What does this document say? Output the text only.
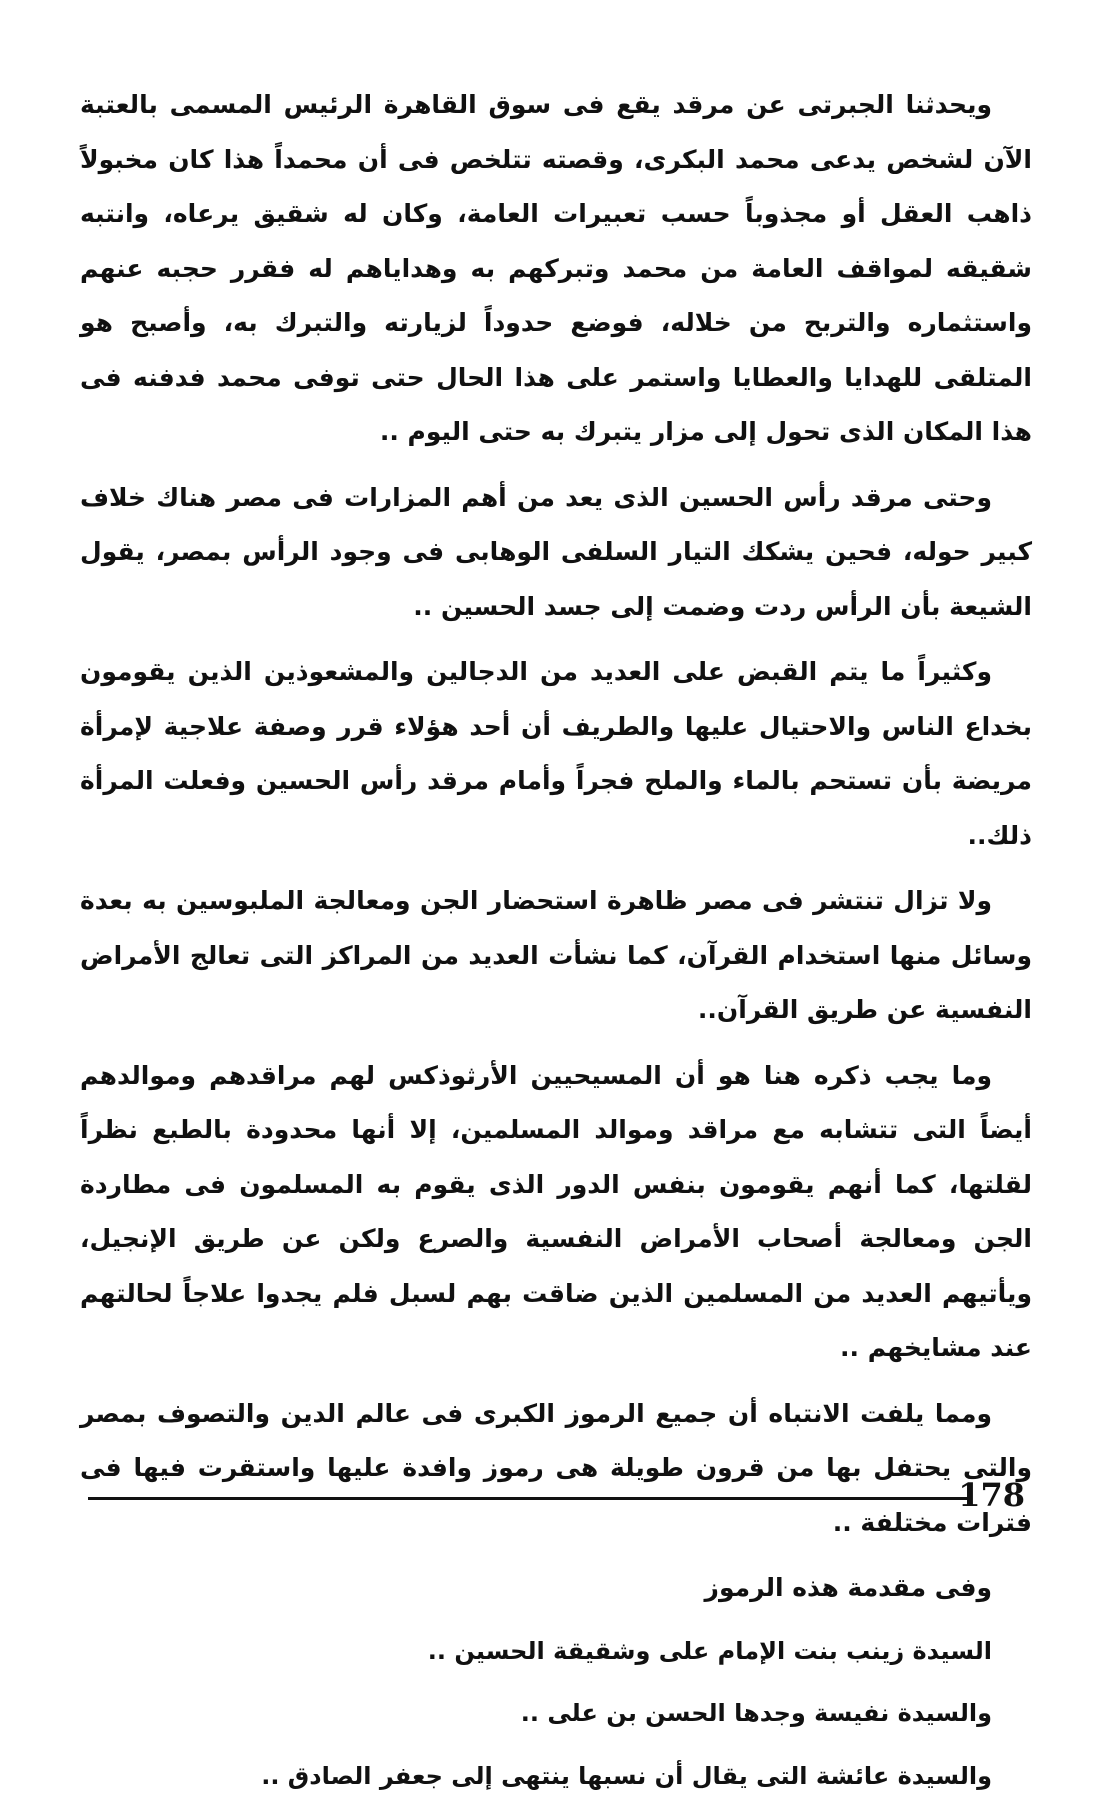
ويحدثنا الجبرتى عن مرقد يقع فى سوق القاهرة الرئيس المسمى بالعتبة الآن لشخص يدعى محمد البكرى، وقصته تتلخص فى أن محمداً هذا كان مخبولاً ذاهب العقل أو مجذوباً حسب تعبيرات العامة، وكان له شقيق يرعاه، وانتبه شقيقه لمواقف العامة من محمد وتبركهم به وهداياهم له فقرر حجبه عنهم واستثماره والتربح من خلاله، فوضع حدوداً لزيارته والتبرك به، وأصبح هو المتلقى للهدايا والعطايا واستمر على هذا الحال حتى توفى محمد فدفنه فى هذا المكان الذى تحول إلى مزار يتبرك به حتى اليوم ..

وحتى مرقد رأس الحسين الذى يعد من أهم المزارات فى مصر هناك خلاف كبير حوله، فحين يشكك التيار السلفى الوهابى فى وجود الرأس بمصر، يقول الشيعة بأن الرأس ردت وضمت إلى جسد الحسين ..

وكثيراً ما يتم القبض على العديد من الدجالين والمشعوذين الذين يقومون بخداع الناس والاحتيال عليها والطريف أن أحد هؤلاء قرر وصفة علاجية لإمرأة مريضة بأن تستحم بالماء والملح فجراً وأمام مرقد رأس الحسين وفعلت المرأة ذلك..

ولا تزال تنتشر فى مصر ظاهرة استحضار الجن ومعالجة الملبوسين به بعدة وسائل منها استخدام القرآن، كما نشأت العديد من المراكز التى تعالج الأمراض النفسية عن طريق القرآن..

وما يجب ذكره هنا هو أن المسيحيين الأرثوذكس لهم مراقدهم وموالدهم أيضاً التى تتشابه مع مراقد وموالد المسلمين، إلا أنها محدودة بالطبع نظراً لقلتها، كما أنهم يقومون بنفس الدور الذى يقوم به المسلمون فى مطاردة الجن ومعالجة أصحاب الأمراض النفسية والصرع ولكن عن طريق الإنجيل، ويأتيهم العديد من المسلمين الذين ضاقت بهم لسبل فلم يجدوا علاجاً لحالتهم عند مشايخهم ..

ومما يلفت الانتباه أن جميع الرموز الكبرى فى عالم الدين والتصوف بمصر والتى يحتفل بها من قرون طويلة هى رموز وافدة عليها واستقرت فيها فى فترات مختلفة ..

وفى مقدمة هذه الرموز
السيدة زينب بنت الإمام على وشقيقة الحسين ..
والسيدة نفيسة وجدها الحسن بن على ..
والسيدة عائشة التى يقال أن نسبها ينتهى إلى جعفر الصادق ..
178
